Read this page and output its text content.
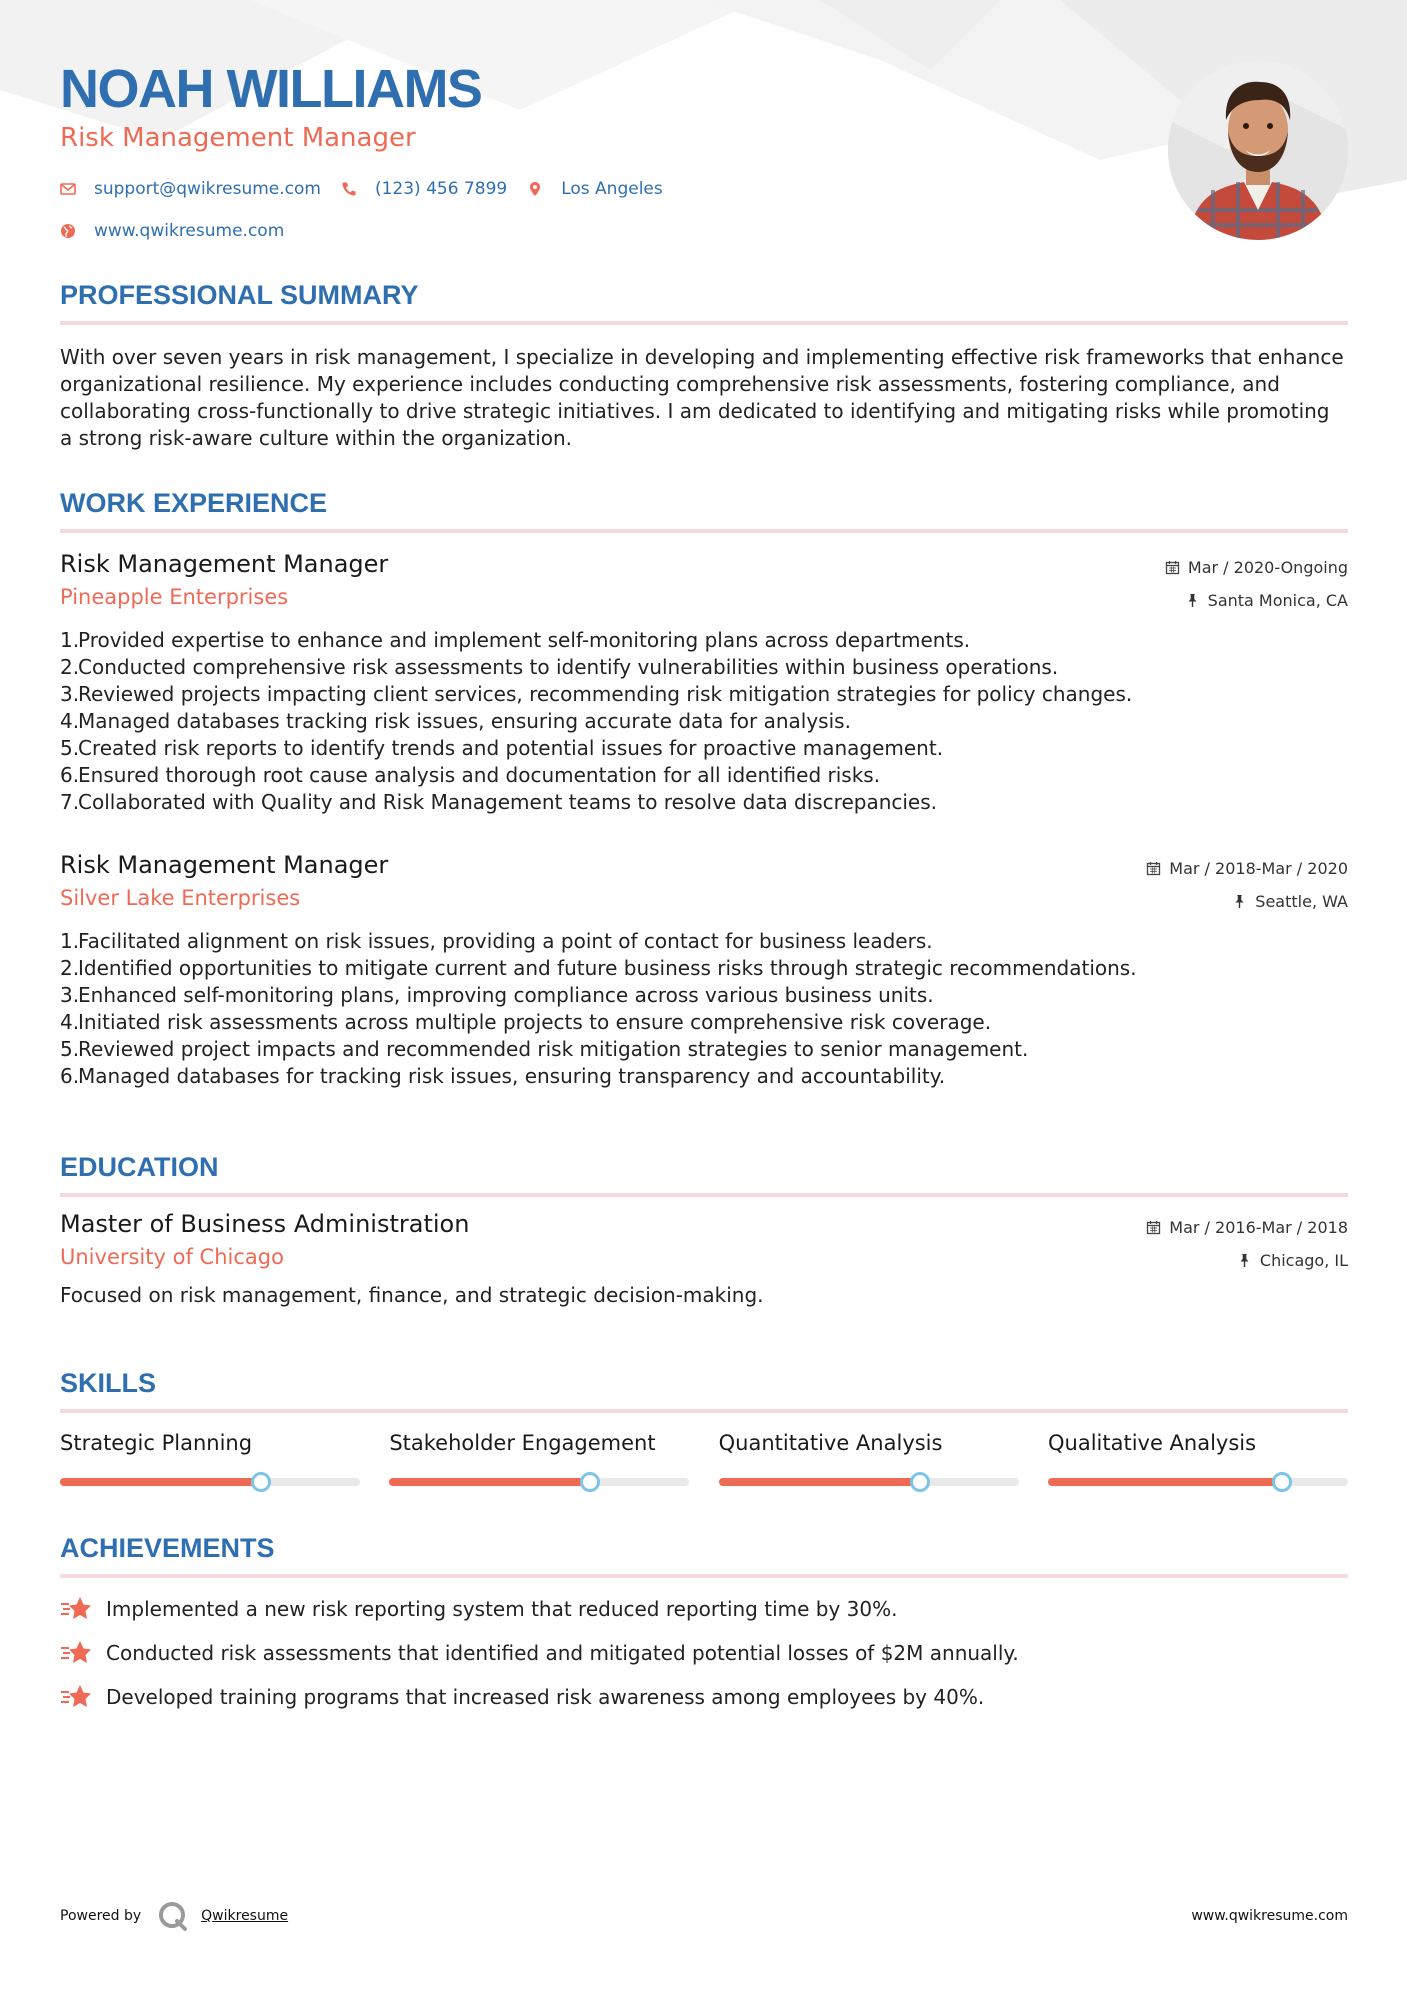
NOAH WILLIAMS
Risk Management Manager
support@qwikresume.com	(123) 456 7899	Los Angeles
www.qwikresume.com
PROFESSIONAL SUMMARY
With over seven years in risk management, I specialize in developing and implementing effective risk frameworks that enhance organizational resilience. My experience includes conducting comprehensive risk assessments, fostering compliance, and collaborating cross-functionally to drive strategic initiatives. I am dedicated to identifying and mitigating risks while promoting a strong risk-aware culture within the organization.
WORK EXPERIENCE
Risk Management Manager
Pineapple Enterprises
Mar / 2020-Ongoing
Santa Monica, CA
1.
Provided expertise to enhance and implement self-monitoring plans across departments.
2.
Conducted comprehensive risk assessments to identify vulnerabilities within business operations.
3.
Reviewed projects impacting client services, recommending risk mitigation strategies for policy changes.
4.
Managed databases tracking risk issues, ensuring accurate data for analysis.
5.
Created risk reports to identify trends and potential issues for proactive management.
6.
Ensured thorough root cause analysis and documentation for all identified risks.
7.
Collaborated with Quality and Risk Management teams to resolve data discrepancies.
Risk Management Manager
Silver Lake Enterprises
Mar / 2018-Mar / 2020
Seattle, WA
1.
Facilitated alignment on risk issues, providing a point of contact for business leaders.
2.
Identified opportunities to mitigate current and future business risks through strategic recommendations.
3.
Enhanced self-monitoring plans, improving compliance across various business units.
4.
Initiated risk assessments across multiple projects to ensure comprehensive risk coverage.
5.
Reviewed project impacts and recommended risk mitigation strategies to senior management.
6.
Managed databases for tracking risk issues, ensuring transparency and accountability.
EDUCATION
Master of Business Administration
University of Chicago
Mar / 2016-Mar / 2018
Chicago, IL
Focused on risk management, finance, and strategic decision-making.
SKILLS
Strategic Planning	Stakeholder Engagement	Quantitative Analysis	Qualitative Analysis
ACHIEVEMENTS
Implemented a new risk reporting system that reduced reporting time by 30%.
Conducted risk assessments that identified and mitigated potential losses of $2M annually.
Developed training programs that increased risk awareness among employees by 40%.
Powered by	Qwikresume	www.qwikresume.com
